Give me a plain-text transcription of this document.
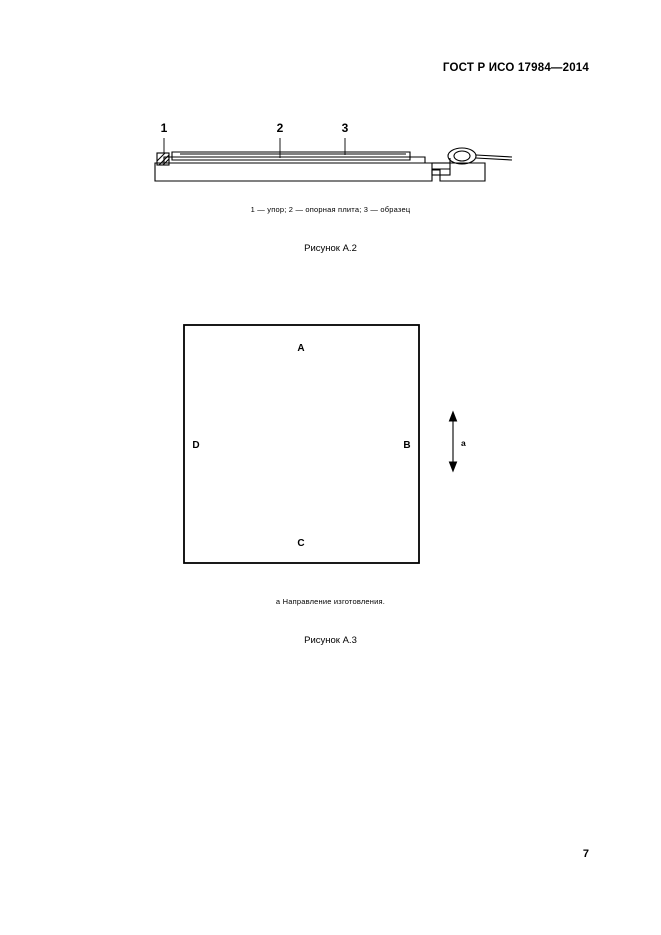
ГОСТ Р ИСО 17984—2014
1	2	3
1 — упор; 2 — опорная плита; 3 — образец
Рисунок А.2
A
B
C
D	a
a Направление изготовления.
Рисунок А.3
7
